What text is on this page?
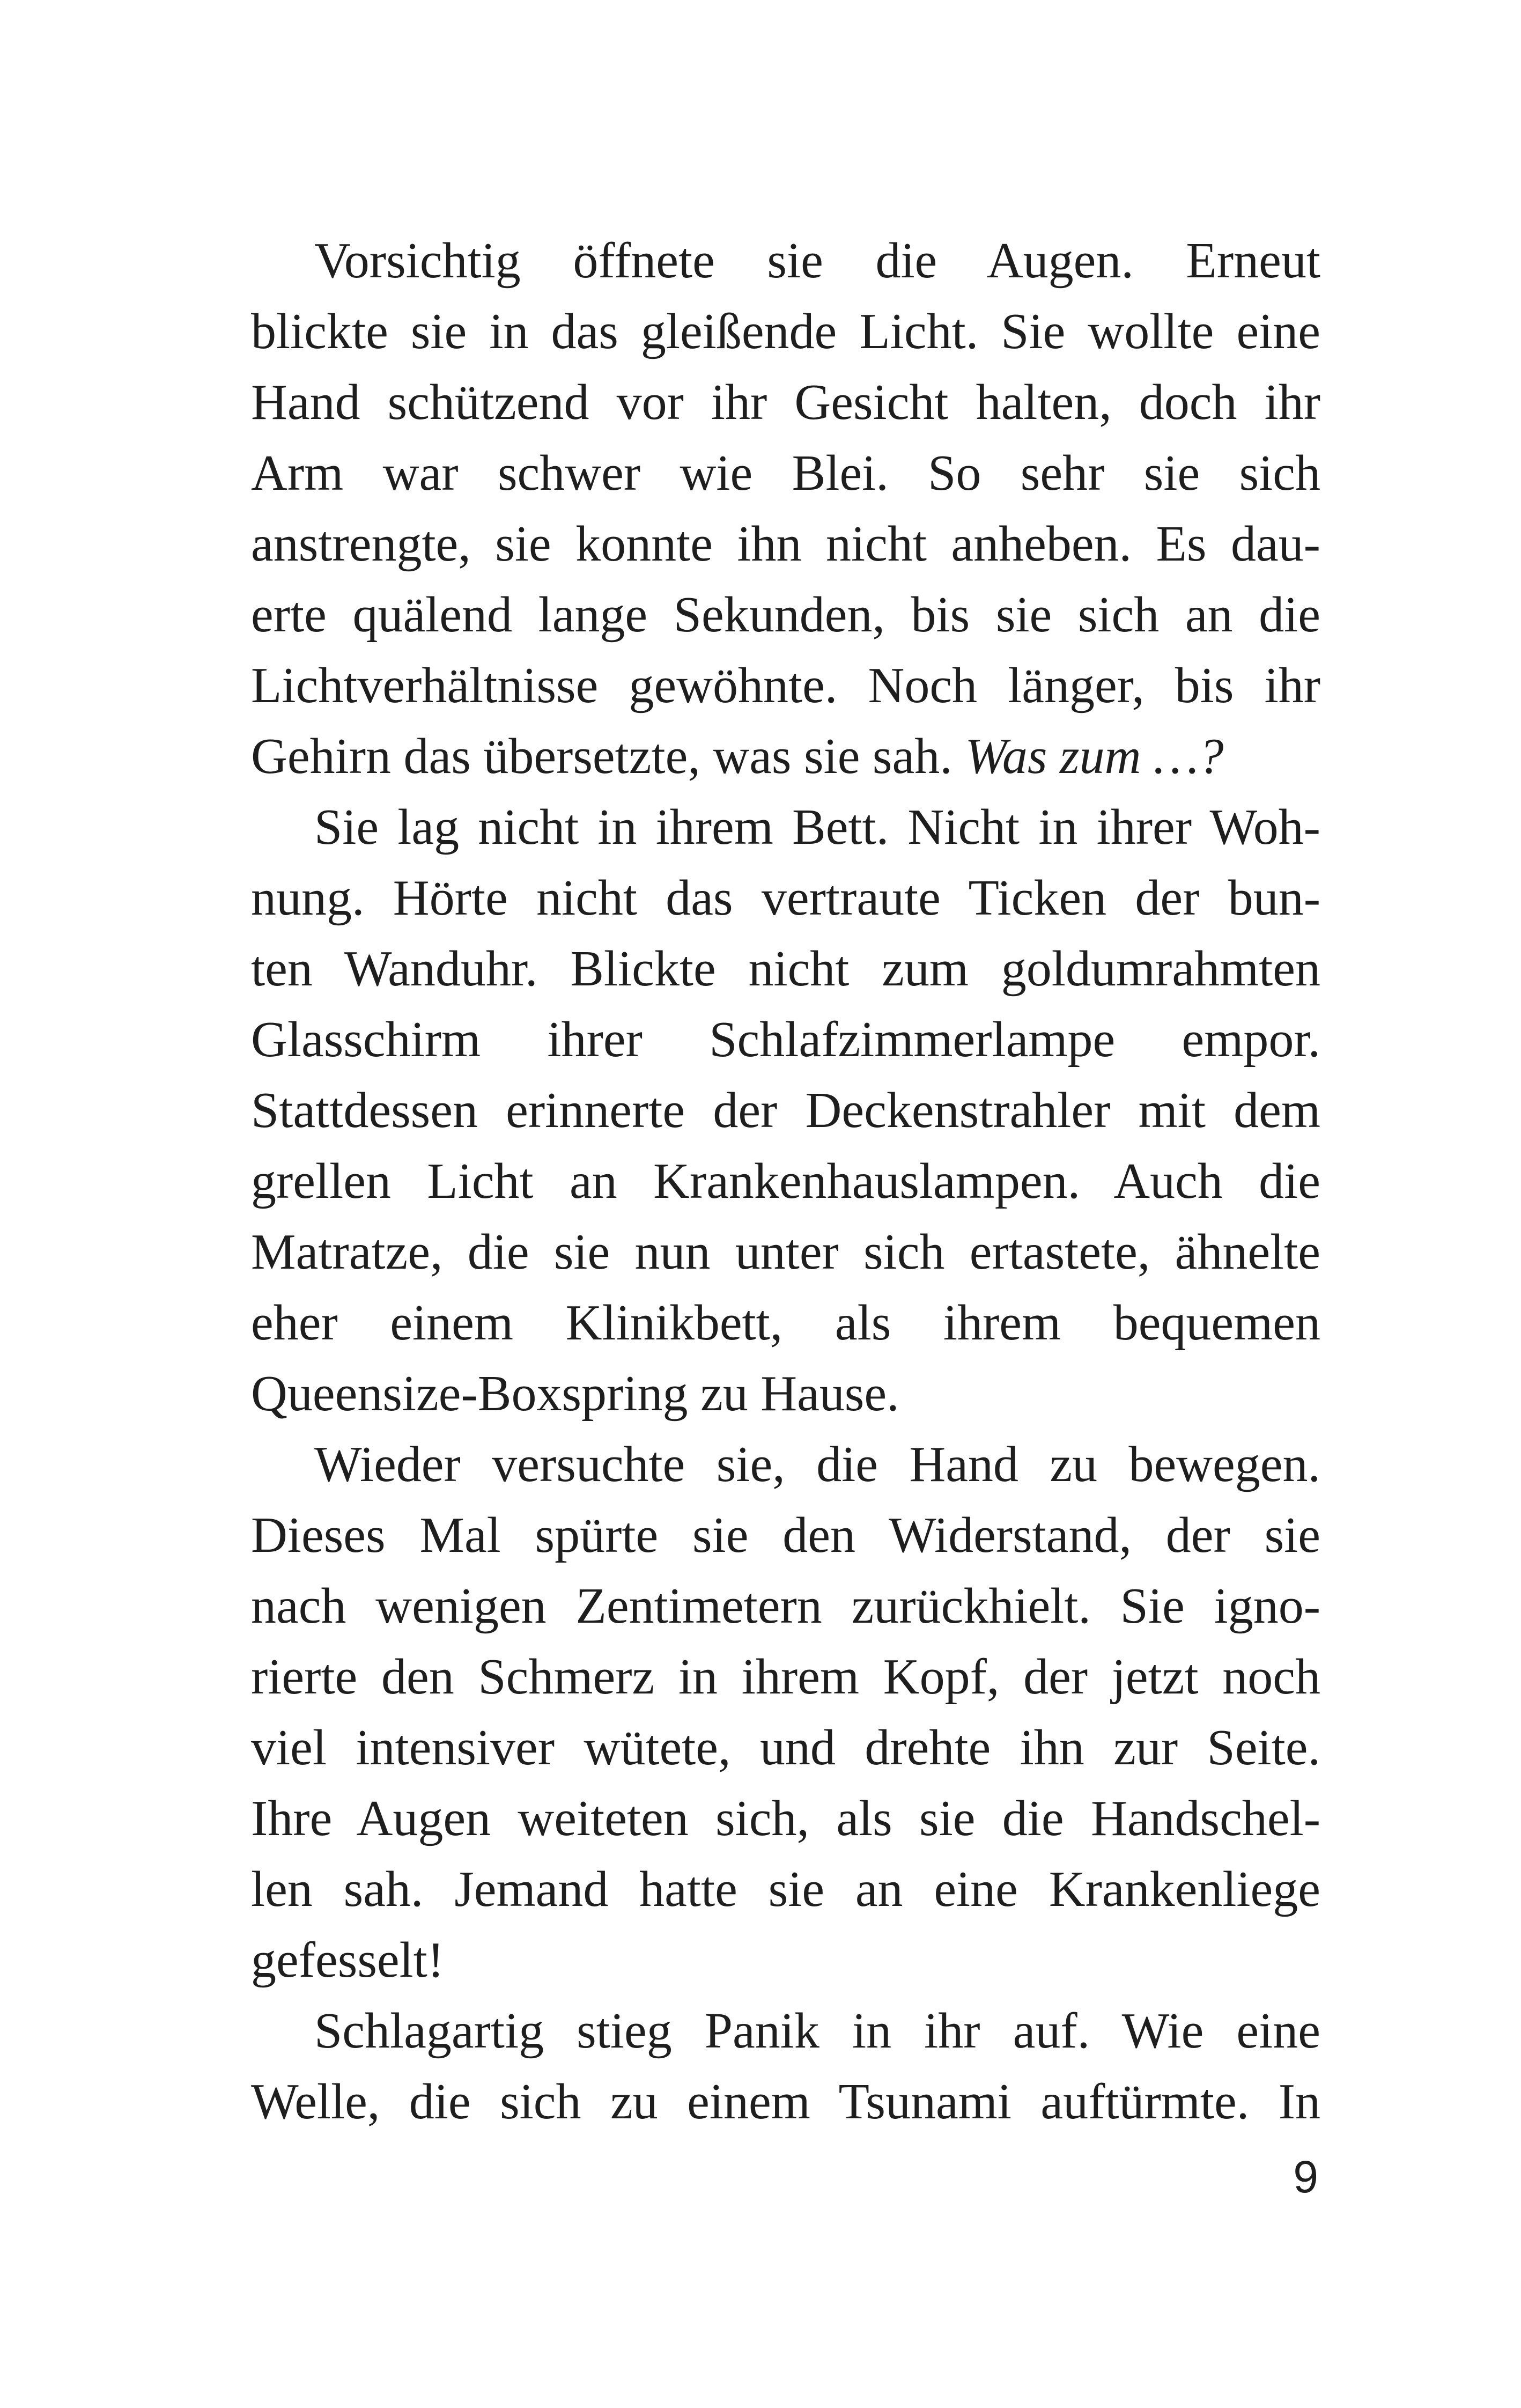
Vorsichtig öffnete sie die Augen. Erneut
blickte sie in das gleißende Licht. Sie wollte eine
Hand schützend vor ihr Gesicht halten, doch ihr
Arm war schwer wie Blei. So sehr sie sich
anstrengte, sie konnte ihn nicht anheben. Es dau-
erte quälend lange Sekunden, bis sie sich an die
Lichtverhältnisse gewöhnte. Noch länger, bis ihr
Gehirn das übersetzte, was sie sah. Was zum …?
Sie lag nicht in ihrem Bett. Nicht in ihrer Woh-
nung. Hörte nicht das vertraute Ticken der bun-
ten Wanduhr. Blickte nicht zum goldumrahmten
Glasschirm ihrer Schlafzimmerlampe empor.
Stattdessen erinnerte der Deckenstrahler mit dem
grellen Licht an Krankenhauslampen. Auch die
Matratze, die sie nun unter sich ertastete, ähnelte
eher einem Klinikbett, als ihrem bequemen
Queensize-Boxspring zu Hause.
Wieder versuchte sie, die Hand zu bewegen.
Dieses Mal spürte sie den Widerstand, der sie
nach wenigen Zentimetern zurückhielt. Sie igno-
rierte den Schmerz in ihrem Kopf, der jetzt noch
viel intensiver wütete, und drehte ihn zur Seite.
Ihre Augen weiteten sich, als sie die Handschel-
len sah. Jemand hatte sie an eine Krankenliege
gefesselt!
Schlagartig stieg Panik in ihr auf. Wie eine
Welle, die sich zu einem Tsunami auftürmte. In
9
